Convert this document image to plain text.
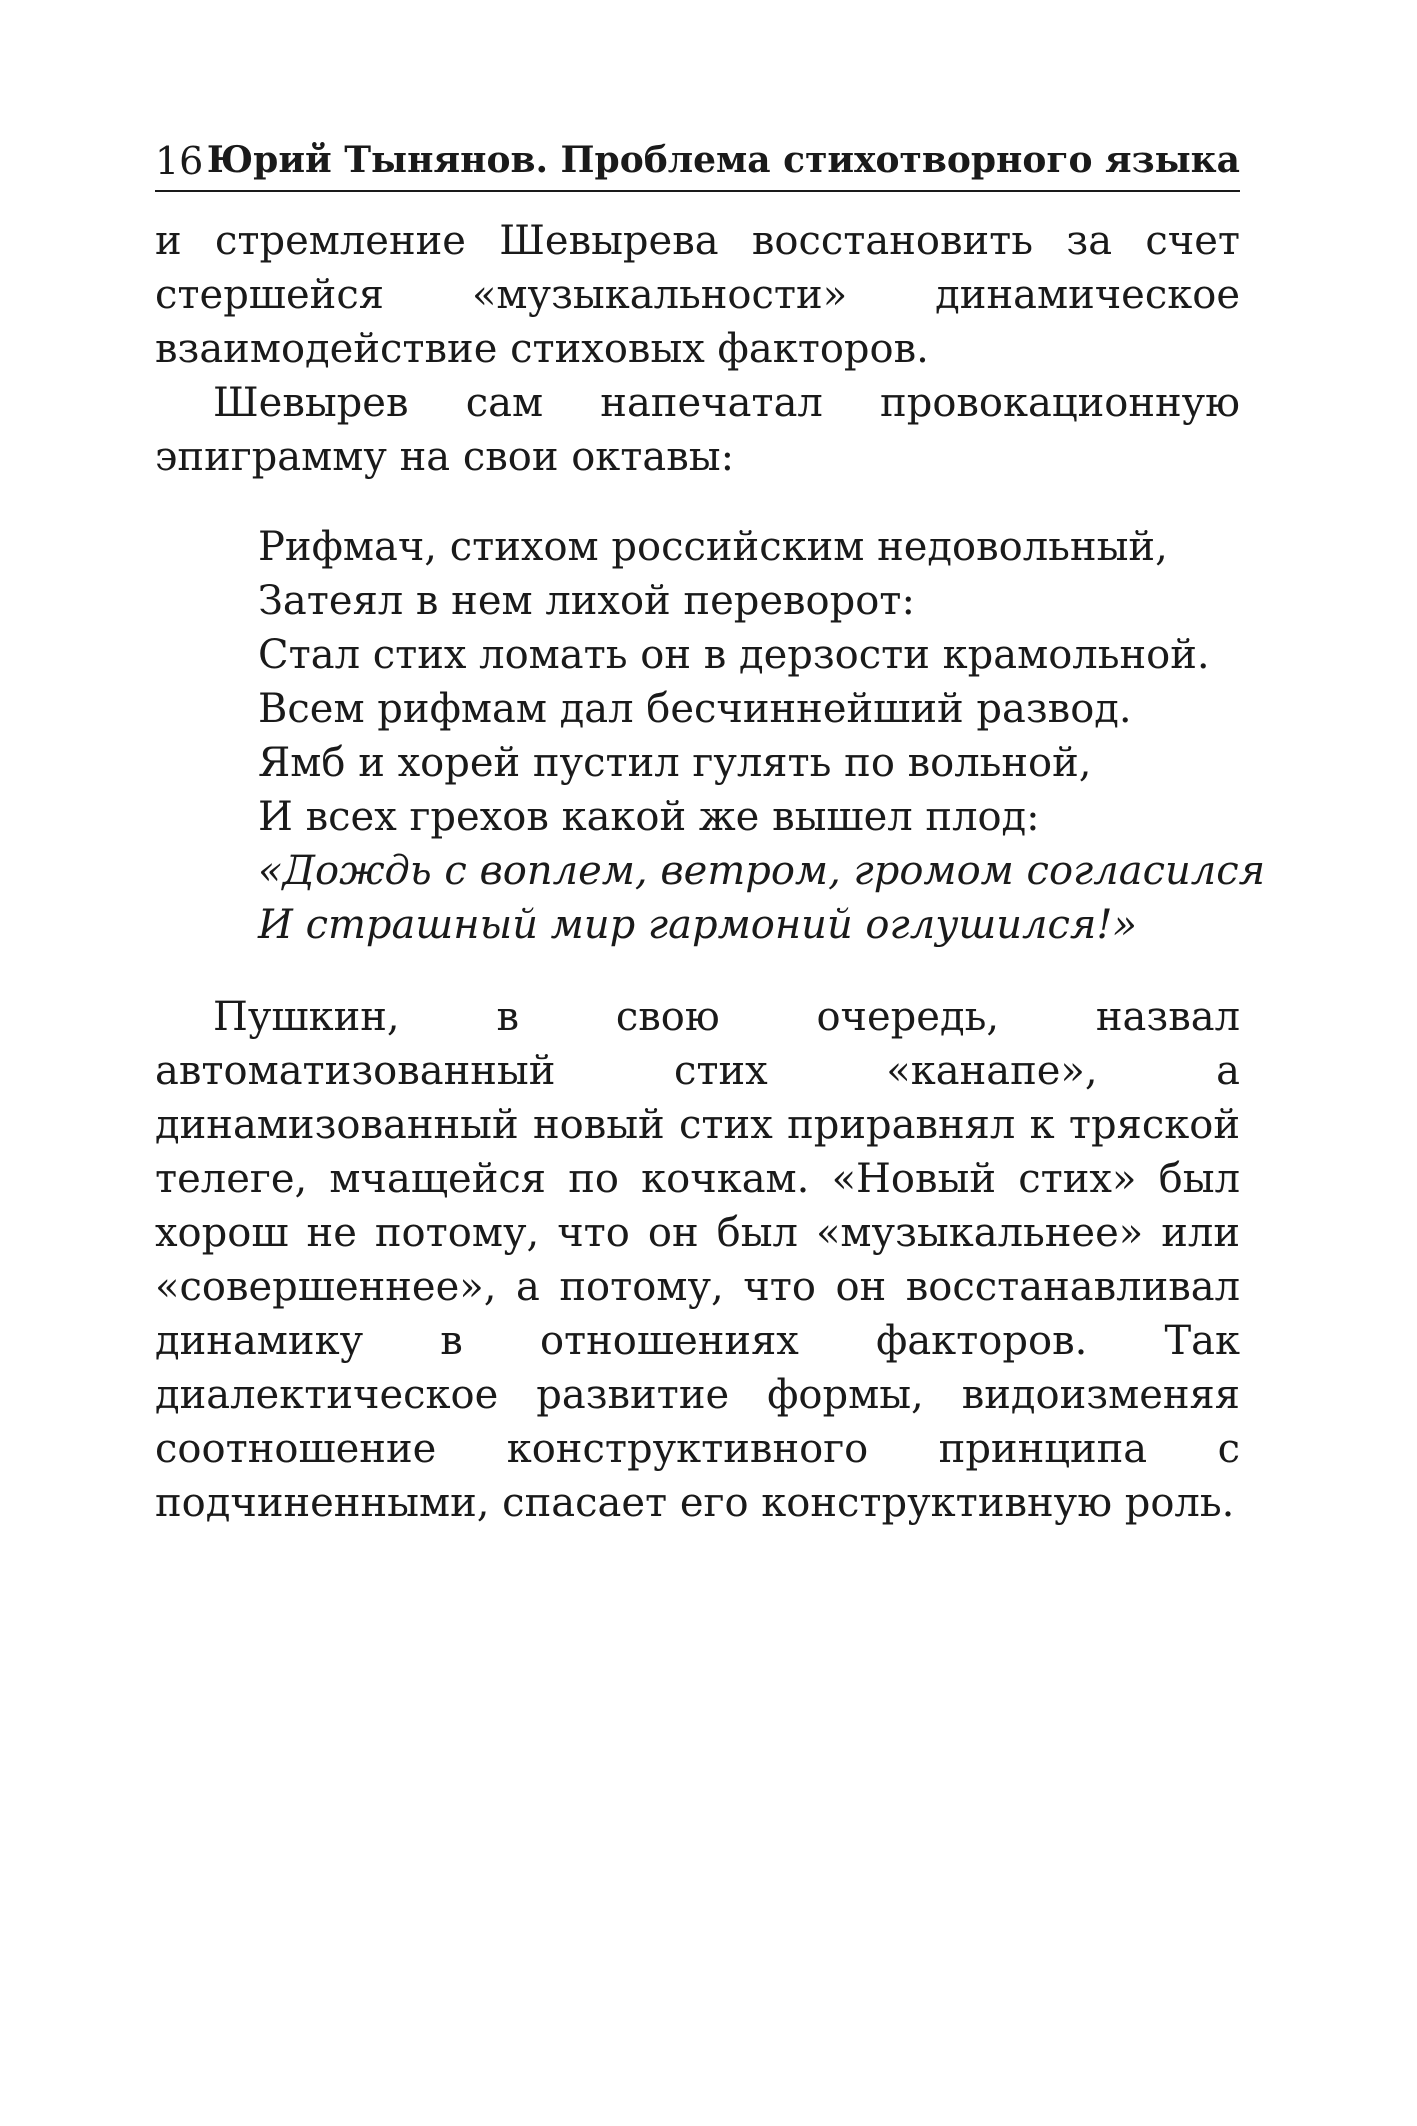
16 Юрий Тынянов. Проблема стихотворного языка

и стремление Шевырева восстановить за счет стершейся «музыкальности» динамическое взаимодействие стиховых факторов.

Шевырев сам напечатал провокационную эпиграмму на свои октавы:

Рифмач, стихом российским недовольный,
Затеял в нем лихой переворот:
Стал стих ломать он в дерзости крамольной.
Всем рифмам дал бесчиннейший развод.
Ямб и хорей пустил гулять по вольной,
И всех грехов какой же вышел плод:
«Дождь с воплем, ветром, громом согласился
И страшный мир гармоний оглушился!»

Пушкин, в свою очередь, назвал автоматизованный стих «канапе», а динамизованный новый стих приравнял к тряской телеге, мчащейся по кочкам. «Новый стих» был хорош не потому, что он был «музыкальнее» или «совершеннее», а потому, что он восстанавливал динамику в отношениях факторов. Так диалектическое развитие формы, видоизменяя соотношение конструктивного принципа с подчиненными, спасает его конструктивную роль.
